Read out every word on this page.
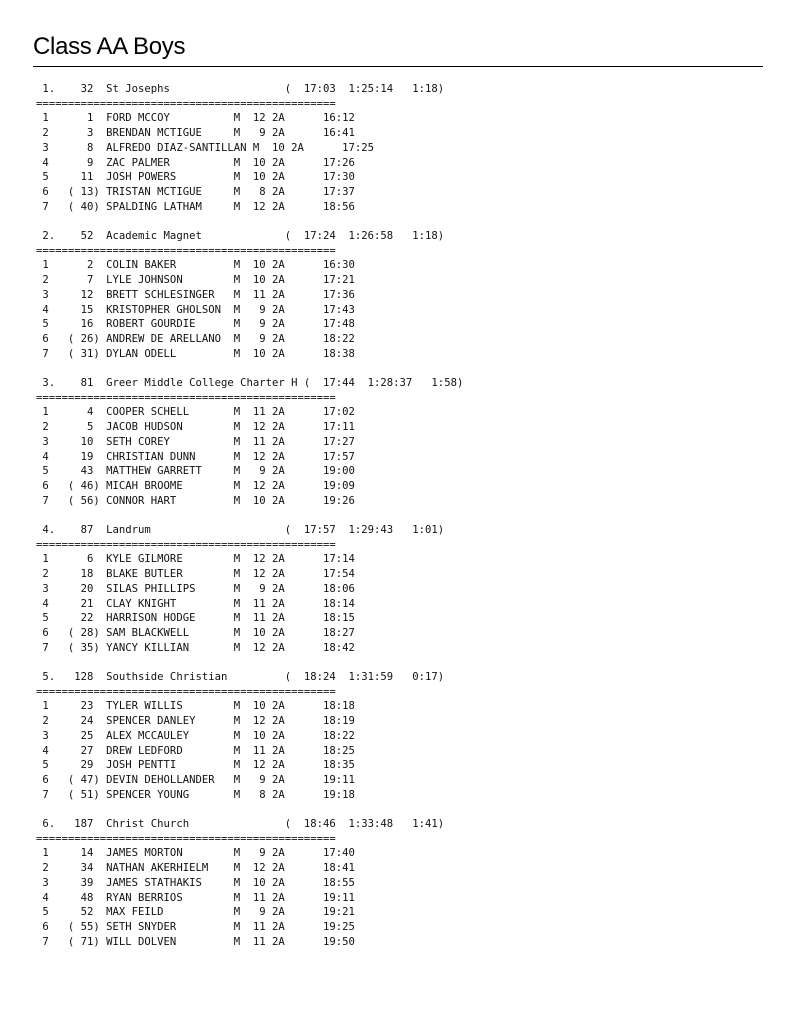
Class AA Boys
1.    32  St Josephs                  (  17:03  1:25:14   1:18)
===============================================
1      1  FORD MCCOY          M  12 2A      16:12
2      3  BRENDAN MCTIGUE     M   9 2A      16:41
3      8  ALFREDO DIAZ-SANTILLAN M  10 2A      17:25
4      9  ZAC PALMER          M  10 2A      17:26
5     11  JOSH POWERS         M  10 2A      17:30
6   ( 13) TRISTAN MCTIGUE     M   8 2A      17:37
7   ( 40) SPALDING LATHAM     M  12 2A      18:56
2.    52  Academic Magnet             (  17:24  1:26:58   1:18)
===============================================
1      2  COLIN BAKER         M  10 2A      16:30
2      7  LYLE JOHNSON        M  10 2A      17:21
3     12  BRETT SCHLESINGER   M  11 2A      17:36
4     15  KRISTOPHER GHOLSON  M   9 2A      17:43
5     16  ROBERT GOURDIE      M   9 2A      17:48
6   ( 26) ANDREW DE ARELLANO  M   9 2A      18:22
7   ( 31) DYLAN ODELL         M  10 2A      18:38
3.    81  Greer Middle College Charter H (  17:44  1:28:37   1:58)
===============================================
1      4  COOPER SCHELL       M  11 2A      17:02
2      5  JACOB HUDSON        M  12 2A      17:11
3     10  SETH COREY          M  11 2A      17:27
4     19  CHRISTIAN DUNN      M  12 2A      17:57
5     43  MATTHEW GARRETT     M   9 2A      19:00
6   ( 46) MICAH BROOME        M  12 2A      19:09
7   ( 56) CONNOR HART         M  10 2A      19:26
4.    87  Landrum                     (  17:57  1:29:43   1:01)
===============================================
1      6  KYLE GILMORE        M  12 2A      17:14
2     18  BLAKE BUTLER        M  12 2A      17:54
3     20  SILAS PHILLIPS      M   9 2A      18:06
4     21  CLAY KNIGHT         M  11 2A      18:14
5     22  HARRISON HODGE      M  11 2A      18:15
6   ( 28) SAM BLACKWELL       M  10 2A      18:27
7   ( 35) YANCY KILLIAN       M  12 2A      18:42
5.   128  Southside Christian         (  18:24  1:31:59   0:17)
===============================================
1     23  TYLER WILLIS        M  10 2A      18:18
2     24  SPENCER DANLEY      M  12 2A      18:19
3     25  ALEX MCCAULEY       M  10 2A      18:22
4     27  DREW LEDFORD        M  11 2A      18:25
5     29  JOSH PENTTI         M  12 2A      18:35
6   ( 47) DEVIN DEHOLLANDER   M   9 2A      19:11
7   ( 51) SPENCER YOUNG       M   8 2A      19:18
6.   187  Christ Church               (  18:46  1:33:48   1:41)
===============================================
1     14  JAMES MORTON        M   9 2A      17:40
2     34  NATHAN AKERHIELM    M  12 2A      18:41
3     39  JAMES STATHAKIS     M  10 2A      18:55
4     48  RYAN BERRIOS        M  11 2A      19:11
5     52  MAX FEILD           M   9 2A      19:21
6   ( 55) SETH SNYDER         M  11 2A      19:25
7   ( 71) WILL DOLVEN         M  11 2A      19:50
